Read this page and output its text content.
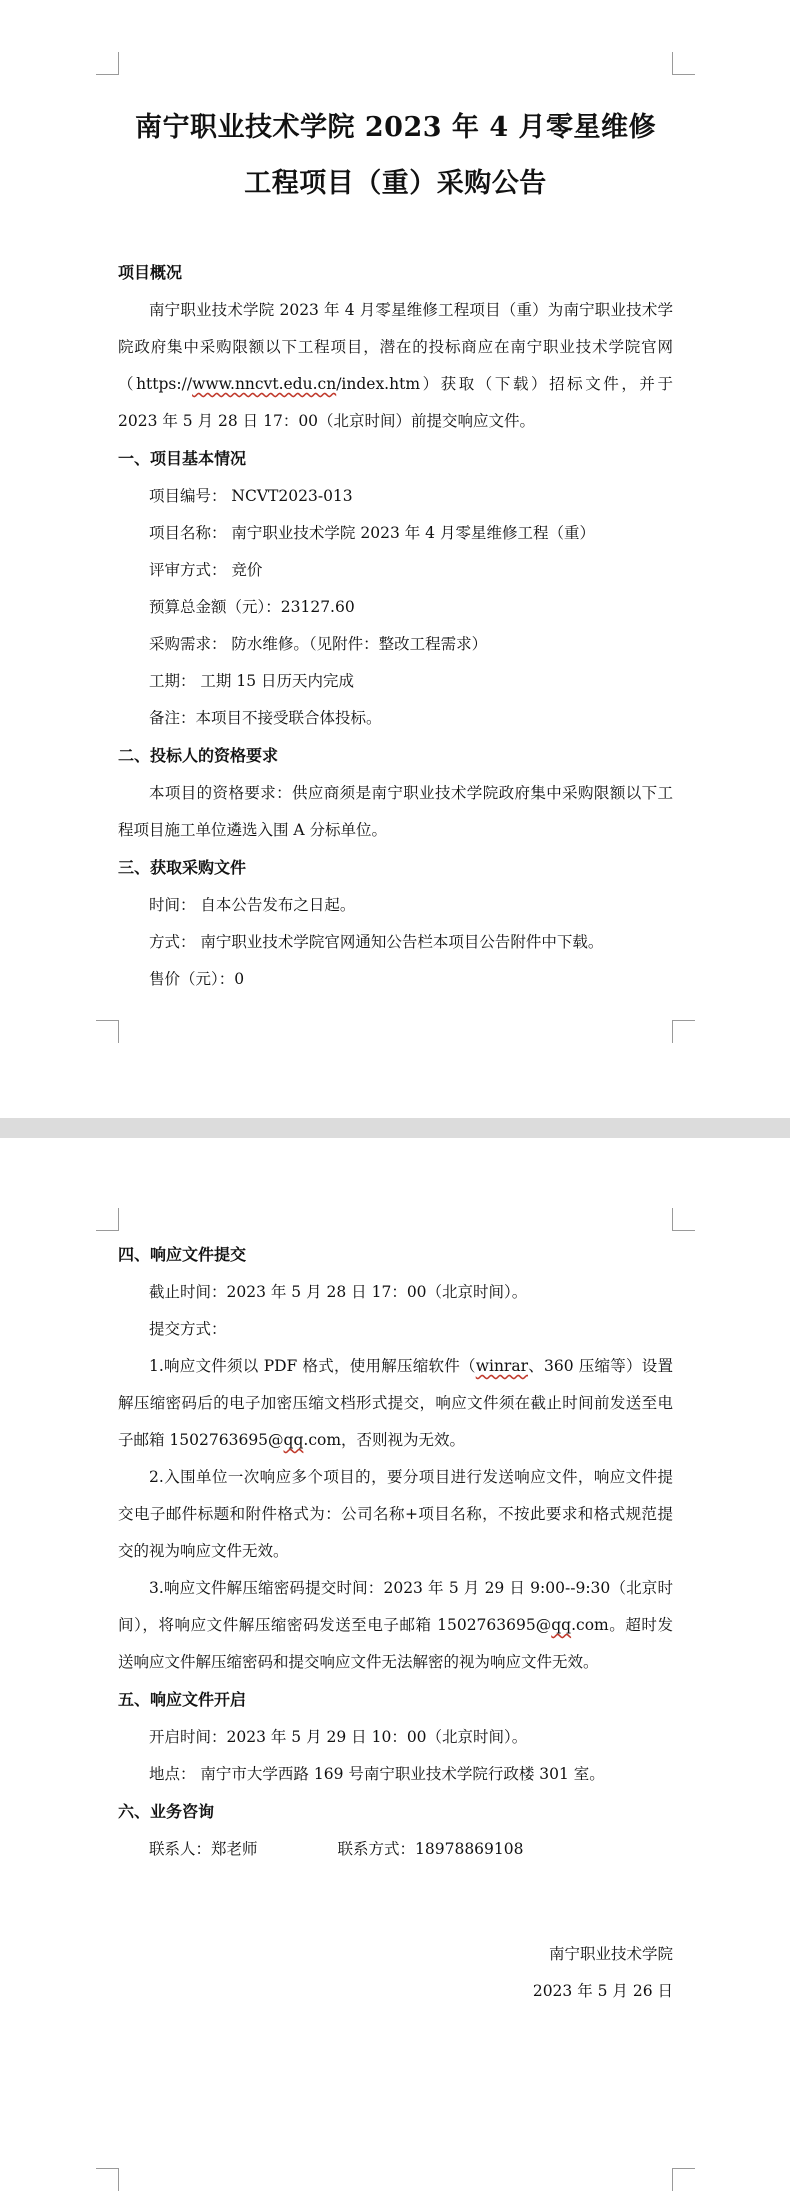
南宁职业技术学院 2023 年 4 月零星维修

工程项目（重）采购公告

项目概况

南宁职业技术学院 2023 年 4 月零星维修工程项目（重）为南宁职业技术学院政府集中采购限额以下工程项目，潜在的投标商应在南宁职业技术学院官网（https://www.nncvt.edu.cn/index.htm）获取（下载）招标文件，并于 2023 年 5 月 28 日 17：00（北京时间）前提交响应文件。

一、项目基本情况

项目编号： NCVT2023-013

项目名称： 南宁职业技术学院 2023 年 4 月零星维修工程（重）

评审方式： 竞价

预算总金额（元）：23127.60

采购需求： 防水维修。（见附件：整改工程需求）

工期： 工期 15 日历天内完成

备注：本项目不接受联合体投标。

二、投标人的资格要求

本项目的资格要求：供应商须是南宁职业技术学院政府集中采购限额以下工程项目施工单位遴选入围 A 分标单位。

三、获取采购文件

时间： 自本公告发布之日起。

方式： 南宁职业技术学院官网通知公告栏本项目公告附件中下载。

售价（元）：0

四、响应文件提交

截止时间：2023 年 5 月 28 日 17：00（北京时间）。

提交方式：

1.响应文件须以 PDF 格式，使用解压缩软件（winrar、360 压缩等）设置解压缩密码后的电子加密压缩文档形式提交，响应文件须在截止时间前发送至电子邮箱 1502763695@qq.com，否则视为无效。

2.入围单位一次响应多个项目的，要分项目进行发送响应文件，响应文件提交电子邮件标题和附件格式为：公司名称+项目名称，不按此要求和格式规范提交的视为响应文件无效。

3.响应文件解压缩密码提交时间：2023 年 5 月 29 日 9:00--9:30（北京时间），将响应文件解压缩密码发送至电子邮箱 1502763695@qq.com。超时发送响应文件解压缩密码和提交响应文件无法解密的视为响应文件无效。

五、响应文件开启

开启时间：2023 年 5 月 29 日 10：00（北京时间）。

地点： 南宁市大学西路 169 号南宁职业技术学院行政楼 301 室。

六、业务咨询

联系人：郑老师	联系方式：18978869108

南宁职业技术学院

2023 年 5 月 26 日
